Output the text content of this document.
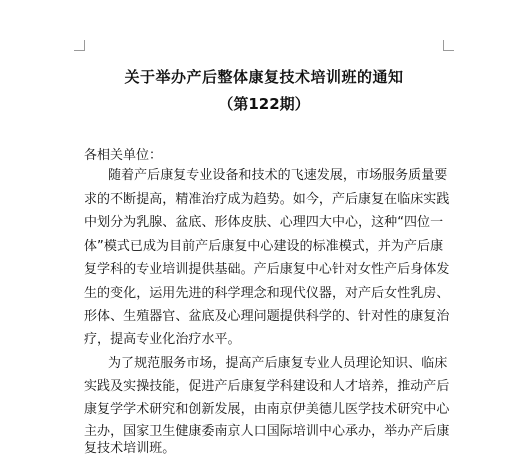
关于举办产后整体康复技术培训班的通知
（第122期）
各相关单位：
随着产后康复专业设备和技术的飞速发展，市场服务质量要
求的不断提高，精准治疗成为趋势。如今，产后康复在临床实践
中划分为乳腺、盆底、形体皮肤、心理四大中心，这种“四位一
体”模式已成为目前产后康复中心建设的标准模式，并为产后康
复学科的专业培训提供基础。产后康复中心针对女性产后身体发
生的变化，运用先进的科学理念和现代仪器，对产后女性乳房、
形体、生殖器官、盆底及心理问题提供科学的、针对性的康复治
疗，提高专业化治疗水平。
为了规范服务市场，提高产后康复专业人员理论知识、临床
实践及实操技能，促进产后康复学科建设和人才培养，推动产后
康复学学术研究和创新发展，由南京伊美德儿医学技术研究中心
主办，国家卫生健康委南京人口国际培训中心承办，举办产后康
复技术培训班。
